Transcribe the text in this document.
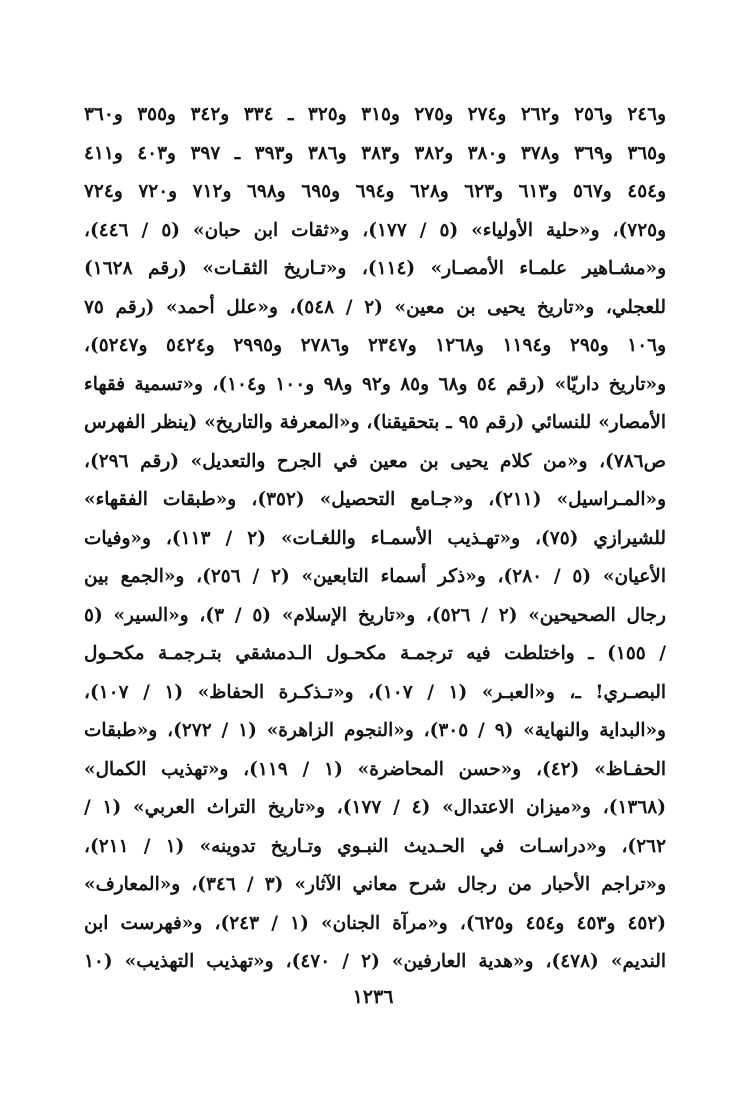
و٢٤٦ و٢٥٦ و٢٦٢ و٢٧٤ و٢٧٥ و٣١٥ و٣٢٥ ـ ٣٣٤ و٣٤٢ و٣٥٥ و٣٦٠
و٣٦٥ و٣٦٩ و٣٧٨ و٣٨٠ و٣٨٢ و٣٨٣ و٣٨٦ و٣٩٣ ـ ٣٩٧ و٤٠٣ و٤١١
و٤٥٤ و٥٦٧ و٦١٣ و٦٢٣ و٦٢٨ و٦٩٤ و٦٩٥ و٦٩٨ و٧١٢ و٧٢٠ و٧٢٤
و٧٢٥)، و«حلية الأولياء» (٥ / ١٧٧)، و«ثقات ابن حبان» (٥ / ٤٤٦)،
و«مشـاهير علمـاء الأمصـار» (١١٤)، و«تـاريخ الثقـات» (رقم ١٦٢٨)
للعجلي، و«تاريخ يحيى بن معين» (٢ / ٥٤٨)، و«علل أحمد» (رقم ٧٥
و١٠٦ و٢٩٥ و١١٩٤ و١٢٦٨ و٢٣٤٧ و٢٧٨٦ و٢٩٩٥ و٥٤٢٤ و٥٢٤٧)،
و«تاريخ داريّا» (رقم ٥٤ و٦٨ و٨٥ و٩٢ و٩٨ و١٠٠ و١٠٤)، و«تسمية فقهاء
الأمصار» للنسائي (رقم ٩٥ ـ بتحقيقنا)، و«المعرفة والتاريخ» (ينظر الفهرس
ص٧٨٦)، و«من كلام يحيى بن معين في الجرح والتعديل» (رقم ٢٩٦)،
و«المـراسيل» (٢١١)، و«جـامع التحصيل» (٣٥٢)، و«طبقات الفقهاء»
للشيرازي (٧٥)، و«تهـذيب الأسمـاء واللغـات» (٢ / ١١٣)، و«وفيات
الأعيان» (٥ / ٢٨٠)، و«ذكر أسماء التابعين» (٢ / ٢٥٦)، و«الجمع بين
رجال الصحيحين» (٢ / ٥٢٦)، و«تاريخ الإسلام» (٥ / ٣)، و«السير» (٥
/ ١٥٥) ـ واختلطت فيه ترجمـة مكحـول الـدمشقي بتـرجمـة مكحـول
البصـري! ـ، و«العبـر» (١ / ١٠٧)، و«تـذكـرة الحفاظ» (١ / ١٠٧)،
و«البداية والنهاية» (٩ / ٣٠٥)، و«النجوم الزاهرة» (١ / ٢٧٢)، و«طبقات
الحفـاظ» (٤٢)، و«حسن المحاضرة» (١ / ١١٩)، و«تهذيب الكمال»
(١٣٦٨)، و«ميزان الاعتدال» (٤ / ١٧٧)، و«تاريخ التراث العربي» (١ /
٢٦٢)، و«دراسـات في الحـديث النبـوي وتـاريخ تدوينه» (١ / ٢١١)،
و«تراجم الأحبار من رجال شرح معاني الآثار» (٣ / ٣٤٦)، و«المعارف»
(٤٥٢ و٤٥٣ و٤٥٤ و٦٢٥)، و«مرآة الجنان» (١ / ٢٤٣)، و«فهرست ابن
النديم» (٤٧٨)، و«هدية العارفين» (٢ / ٤٧٠)، و«تهذيب التهذيب» (١٠
١٢٣٦
